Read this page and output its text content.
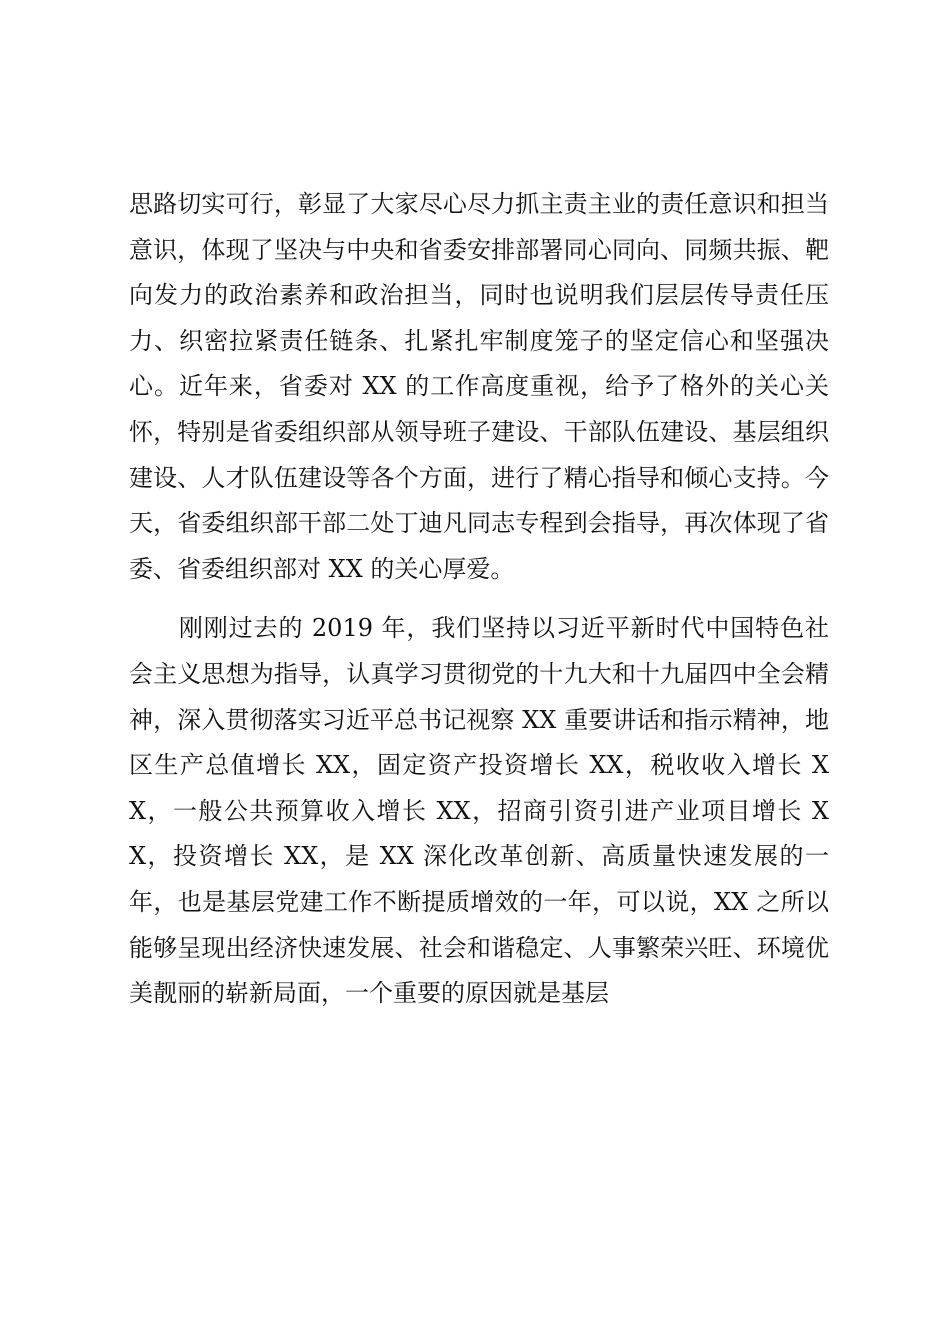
思路切实可行，彰显了大家尽心尽力抓主责主业的责任意识和担当意识，体现了坚决与中央和省委安排部署同心同向、同频共振、靶向发力的政治素养和政治担当，同时也说明我们层层传导责任压力、织密拉紧责任链条、扎紧扎牢制度笼子的坚定信心和坚强决心。近年来，省委对 XX 的工作高度重视，给予了格外的关心关怀，特别是省委组织部从领导班子建设、干部队伍建设、基层组织建设、人才队伍建设等各个方面，进行了精心指导和倾心支持。今天，省委组织部干部二处丁迪凡同志专程到会指导，再次体现了省委、省委组织部对 XX 的关心厚爱。

　　刚刚过去的 2019 年，我们坚持以习近平新时代中国特色社会主义思想为指导，认真学习贯彻党的十九大和十九届四中全会精神，深入贯彻落实习近平总书记视察 XX 重要讲话和指示精神，地区生产总值增长 XX，固定资产投资增长 XX，税收收入增长 XX，一般公共预算收入增长 XX，招商引资引进产业项目增长 XX，投资增长 XX，是 XX 深化改革创新、高质量快速发展的一年，也是基层党建工作不断提质增效的一年，可以说，XX 之所以能够呈现出经济快速发展、社会和谐稳定、人事繁荣兴旺、环境优美靓丽的崭新局面，一个重要的原因就是基层
